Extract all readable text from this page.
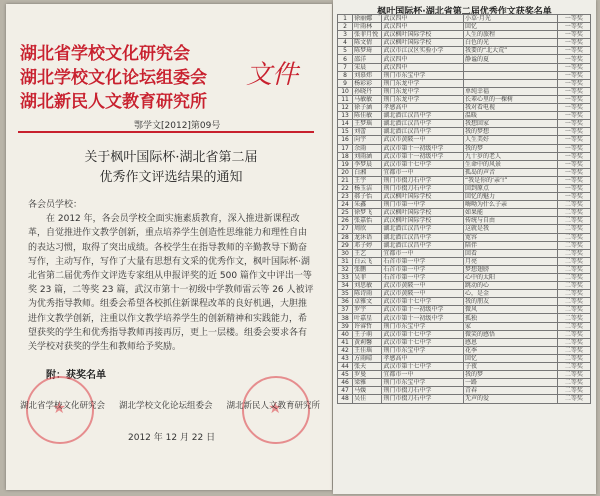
湖北省学校文化研究会
湖北学校文化论坛组委会
湖北新民人文教育研究所
文件
鄂学文[2012]第09号
关于枫叶国际杯·湖北省第二届
优秀作文评选结果的通知

各会员学校：

在 2012 年，各会员学校全面实施素质教育，深入推进新课程改革，自觉推进作文教学创新，重点培养学生创造性思维能力和理性自由的表达习惯，取得了突出成绩。各校学生在指导教师的辛勤教导下勤奋写作，主动写作，写作了大量有思想有文采的优秀作文，枫叶国际杯·湖北省第二届优秀作文评选专家组从申报评奖的近 500 篇作文中评出一等奖 23 篇，二等奖 23 篇，武汉市第十一初级中学教师雷云等 26 人被评为优秀指导教师。组委会希望各校抓住新课程改革的良好机遇，大胆推进作文教学创新，注重以作文教学培养学生的创新精神和实践能力，希望获奖的学生和优秀指导教师再接再厉，更上一层楼。组委会要求各有关学校对获奖的学生和教师给予奖励。

附：获奖名单
★
★
湖北省学校文化研究会 湖北学校文化论坛组委会 湖北新民人文教育研究所
2012 年 12 月 22 日
枫叶国际杯·湖北省第二届优秀作文获奖名单
1	徐丽娜	武汉四中	小草·月光	一等奖
2	叶雨林	武汉四中	回忆	一等奖
3	张菲月悦	武汉枫叶国际学校	人生的旅程	一等奖
4	陈文倩	武汉枫叶国际学校	白色的光	一等奖
5	陈梦琦	武汉市江汉区实验小学	我要的“北大荒”	一等奖
6	邵洋	武汉四中	静谧的夏	一等奖
7	宋晨	武汉四中		一等奖
8	刘慕炜	荆门市东宝中学		一等奖
9	杨彩彩	荆门东龙中学		一等奖
10	孙晓丹	荆门东龙中学	单纯幸福	一等奖
11	马敏敏	荆门东龙中学	长辈心里的一棵树	一等奖
12	徐子涵	孝感高中	我对看电视	一等奖
13	陈佳敏	湖北潜江汉昌中学	温暖	一等奖
14	王梦瑶	湖北潜江汉昌中学	我想回家	一等奖
15	刘蕾	湖北潜江汉昌中学	我的梦想	一等奖
16	向宇	武汉市黄陂一中	人生美好	一等奖
17	余雨	武汉市第十一初级中学	我的梦	一等奖
18	刘雨涵	武汉市第十一初级中学	九十岁的老人	一等奖
19	李梦晨	武汉市第十七中学	生命中的风景	一等奖
20	白湘	宜都市一中	孤岛的声音	一等奖
21	王宇	荆门市掇刀石中学	“我是你的‘亲’!”	一等奖
22	杨玉洁	荆门市掇刀石中学	回到原点	一等奖
23	郝子怡	武汉枫叶国际学校	回忆的魅力	一等奖
24	朱鑫	荆门市第一中学	嗨呦为什么子亲	二等奖
25	徐梦飞	武汉枫叶国际学校	如果能	二等奖
26	张嘉怡	武汉枫叶国际学校	传统与自由	二等奖
27	周欣	湖北潜江汉昌中学	这就是我	二等奖
28	龙沐语	湖北潜江汉昌中学	宽容	二等奖
29	邓子婷	湖北潜江汉昌中学	陪伴	二等奖
30	王艺	宜都市一中	回看	二等奖
31	白云飞	石首市第一中学	月亮	二等奖
32	张鹏	石首市第一中学	梦想翅膀	二等奖
33	吴菲	石首市第一中学	心中的太阳	二等奖
34	刘思敏	武汉市黄陂一中	跳动的心	二等奖
35	陈诗雨	武汉市黄陂一中	心，是金	二等奖
36	卓雅文	武汉市第十七中学	我的朋友	二等奖
37	罗宇	武汉市第十一初级中学	微风	二等奖
38	叶嘉星	武汉市第十一初级中学	孤独	二等奖
39	许睿哲	荆门市东宝中学	家	二等奖
40	王子萌	武汉市第十七中学	微笑的感悟	二等奖
41	黄莉馨	武汉市第十七中学	感恩	二等奖
42	王佳瑶	荆门市东宝中学	花季	二等奖
43	方雨晴	孝感高中	回忆	二等奖
44	张天	武汉市第十七中学	子夜	二等奖
45	罗曼	宜都市一中	我的梦	二等奖
46	梁雅	荆门市东宝中学	一路	二等奖
47	马媛	荆门市掇刀石中学	青春	二等奖
48	吴佳	荆门市掇刀石中学	无声的爱	二等奖
